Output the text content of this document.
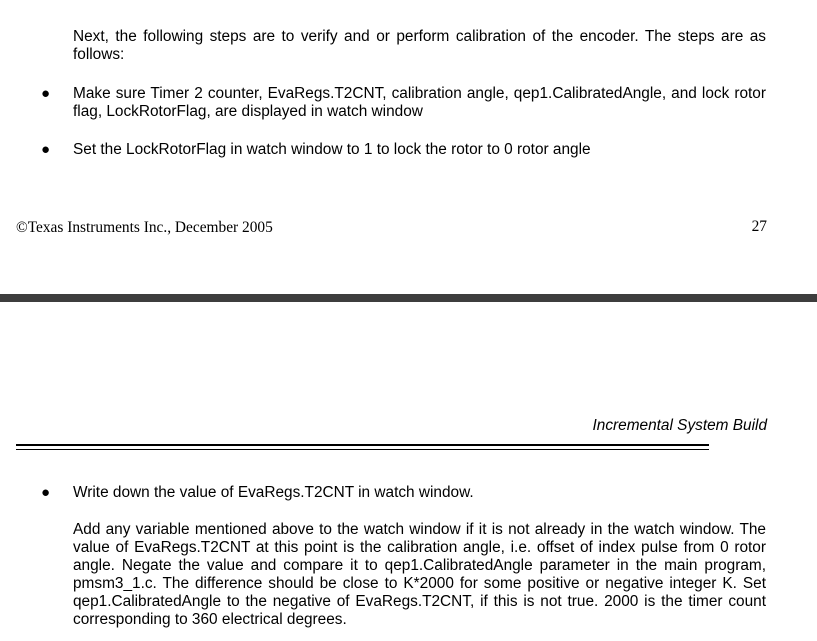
Next, the following steps are to verify and or perform calibration of the encoder. The steps are as follows:

● Make sure Timer 2 counter, EvaRegs.T2CNT, calibration angle, qep1.CalibratedAngle, and lock rotor flag, LockRotorFlag, are displayed in watch window

● Set the LockRotorFlag in watch window to 1 to lock the rotor to 0 rotor angle

©Texas Instruments Inc., December 2005	27
Incremental System Build
● Write down the value of EvaRegs.T2CNT in watch window.

Add any variable mentioned above to the watch window if it is not already in the watch window. The value of EvaRegs.T2CNT at this point is the calibration angle, i.e. offset of index pulse from 0 rotor angle. Negate the value and compare it to qep1.CalibratedAngle parameter in the main program, pmsm3_1.c. The difference should be close to K*2000 for some positive or negative integer K. Set qep1.CalibratedAngle to the negative of EvaRegs.T2CNT, if this is not true. 2000 is the timer count corresponding to 360 electrical degrees.
